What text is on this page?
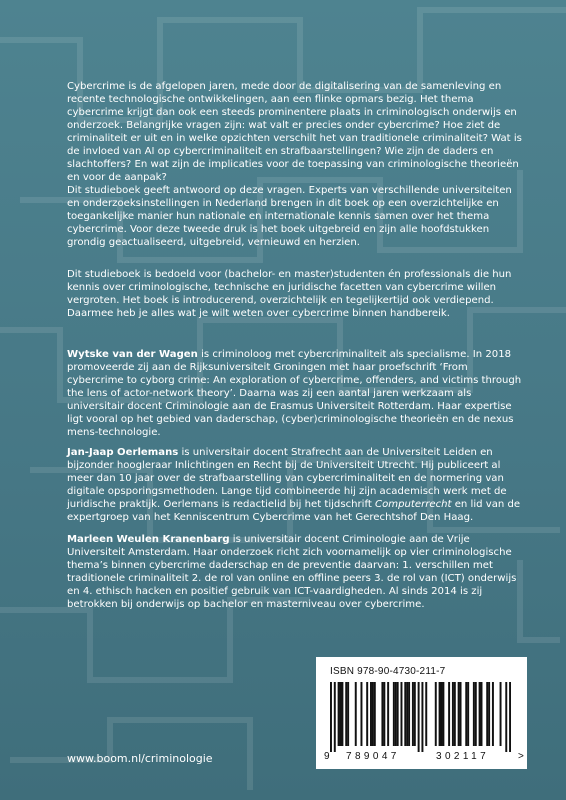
Cybercrime is de afgelopen jaren, mede door de digitalisering van de samenleving en recente technologische ontwikkelingen, aan een flinke opmars bezig. Het thema cybercrime krijgt dan ook een steeds prominentere plaats in criminologisch onderwijs en onderzoek. Belangrijke vragen zijn: wat valt er precies onder cybercrime? Hoe ziet de criminaliteit er uit en in welke opzichten verschilt het van traditionele criminaliteit? Wat is de invloed van AI op cybercriminaliteit en strafbaarstellingen? Wie zijn de daders en slachtoffers? En wat zijn de implicaties voor de toepassing van criminologische theorieën en voor de aanpak?

Dit studieboek geeft antwoord op deze vragen. Experts van verschillende universiteiten en onderzoeksinstellingen in Nederland brengen in dit boek op een overzichtelijke en toegankelijke manier hun nationale en internationale kennis samen over het thema cybercrime. Voor deze tweede druk is het boek uitgebreid en zijn alle hoofdstukken grondig geactualiseerd, uitgebreid, vernieuwd en herzien.

Dit studieboek is bedoeld voor (bachelor- en master)studenten én professionals die hun kennis over criminologische, technische en juridische facetten van cybercrime willen vergroten. Het boek is introducerend, overzichtelijk en tegelijkertijd ook verdiepend. Daarmee heb je alles wat je wilt weten over cybercrime binnen handbereik.

Wytske van der Wagen is criminoloog met cybercriminaliteit als specialisme. In 2018 promoveerde zij aan de Rijksuniversiteit Groningen met haar proefschrift ‘From cybercrime to cyborg crime: An exploration of cybercrime, offenders, and victims through the lens of actor-network theory’. Daarna was zij een aantal jaren werkzaam als universitair docent Criminologie aan de Erasmus Universiteit Rotterdam. Haar expertise ligt vooral op het gebied van daderschap, (cyber)criminologische theorieën en de nexus mens-technologie.

Jan-Jaap Oerlemans is universitair docent Strafrecht aan de Universiteit Leiden en bijzonder hoogleraar Inlichtingen en Recht bij de Universiteit Utrecht. Hij publiceert al meer dan 10 jaar over de strafbaarstelling van cybercriminaliteit en de normering van digitale opsporingsmethoden. Lange tijd combineerde hij zijn academisch werk met de juridische praktijk. Oerlemans is redactielid bij het tijdschrift Computerrecht en lid van de expertgroep van het Kenniscentrum Cybercrime van het Gerechtshof Den Haag.

Marleen Weulen Kranenbarg is universitair docent Criminologie aan de Vrije Universiteit Amsterdam. Haar onderzoek richt zich voornamelijk op vier criminologische thema’s binnen cybercrime daderschap en de preventie daarvan: 1. verschillen met traditionele criminaliteit 2. de rol van online en offline peers 3. de rol van (ICT) onderwijs en 4. ethisch hacken en positief gebruik van ICT-vaardigheden. Al sinds 2014 is zij betrokken bij onderwijs op bachelor en masterniveau over cybercrime.

ISBN 978-90-4730-211-7
9 789047	302117	>
www.boom.nl/criminologie
